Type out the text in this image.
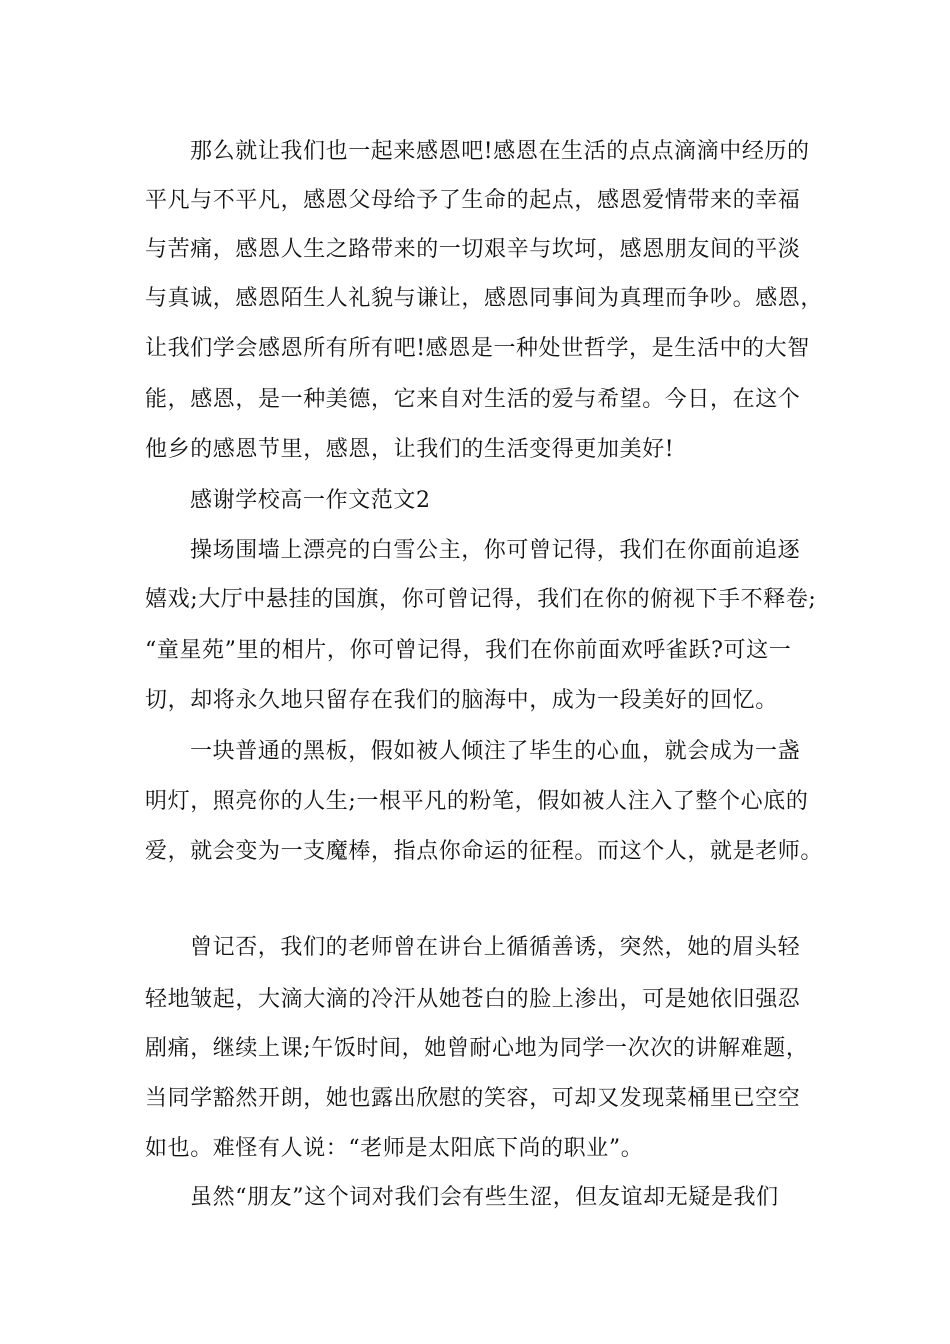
那么就让我们也一起来感恩吧!感恩在生活的点点滴滴中经历的
平凡与不平凡，感恩父母给予了生命的起点，感恩爱情带来的幸福
与苦痛，感恩人生之路带来的一切艰辛与坎坷，感恩朋友间的平淡
与真诚，感恩陌生人礼貌与谦让，感恩同事间为真理而争吵。感恩，
让我们学会感恩所有所有吧!感恩是一种处世哲学，是生活中的大智
能，感恩，是一种美德，它来自对生活的爱与希望。今日，在这个
他乡的感恩节里，感恩，让我们的生活变得更加美好!
感谢学校高一作文范文2
操场围墙上漂亮的白雪公主，你可曾记得，我们在你面前追逐
嬉戏;大厅中悬挂的国旗，你可曾记得，我们在你的俯视下手不释卷;
“童星苑”里的相片，你可曾记得，我们在你前面欢呼雀跃?可这一
切，却将永久地只留存在我们的脑海中，成为一段美好的回忆。
一块普通的黑板，假如被人倾注了毕生的心血，就会成为一盏
明灯，照亮你的人生;一根平凡的粉笔，假如被人注入了整个心底的
爱，就会变为一支魔棒，指点你命运的征程。而这个人，就是老师。
曾记否，我们的老师曾在讲台上循循善诱，突然，她的眉头轻
轻地皱起，大滴大滴的冷汗从她苍白的脸上渗出，可是她依旧强忍
剧痛，继续上课;午饭时间，她曾耐心地为同学一次次的讲解难题，
当同学豁然开朗，她也露出欣慰的笑容，可却又发现菜桶里已空空
如也。难怪有人说：“老师是太阳底下尚的职业”。
虽然“朋友”这个词对我们会有些生涩，但友谊却无疑是我们
